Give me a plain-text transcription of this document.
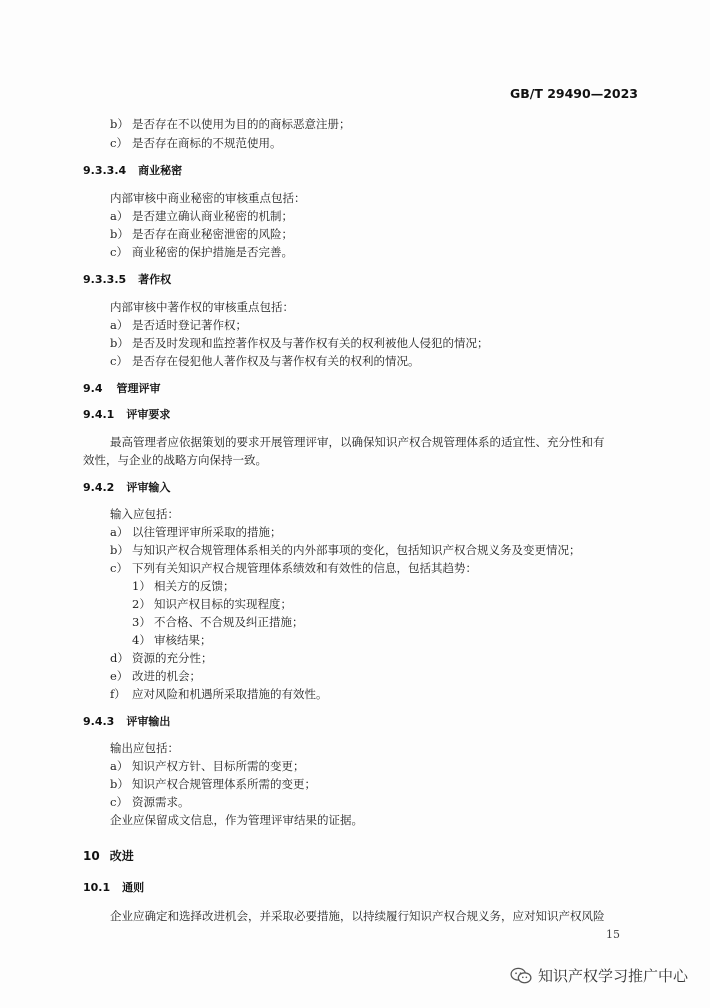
GB/T 29490—2023
b） 是否存在不以使用为目的的商标恶意注册；
c） 是否存在商标的不规范使用。
9.3.3.4 商业秘密
内部审核中商业秘密的审核重点包括：
a） 是否建立确认商业秘密的机制；
b） 是否存在商业秘密泄密的风险；
c） 商业秘密的保护措施是否完善。
9.3.3.5 著作权
内部审核中著作权的审核重点包括：
a） 是否适时登记著作权；
b） 是否及时发现和监控著作权及与著作权有关的权利被他人侵犯的情况；
c） 是否存在侵犯他人著作权及与著作权有关的权利的情况。
9.4 管理评审
9.4.1 评审要求
最高管理者应依据策划的要求开展管理评审，以确保知识产权合规管理体系的适宜性、充分性和有
效性，与企业的战略方向保持一致。
9.4.2 评审输入
输入应包括：
a） 以往管理评审所采取的措施；
b） 与知识产权合规管理体系相关的内外部事项的变化，包括知识产权合规义务及变更情况；
c） 下列有关知识产权合规管理体系绩效和有效性的信息，包括其趋势：
1） 相关方的反馈；
2） 知识产权目标的实现程度；
3） 不合格、不合规及纠正措施；
4） 审核结果；
d） 资源的充分性；
e） 改进的机会；
f） 应对风险和机遇所采取措施的有效性。
9.4.3 评审输出
输出应包括：
a） 知识产权方针、目标所需的变更；
b） 知识产权合规管理体系所需的变更；
c） 资源需求。
企业应保留成文信息，作为管理评审结果的证据。
10 改进
10.1 通则
企业应确定和选择改进机会，并采取必要措施，以持续履行知识产权合规义务，应对知识产权风险
15
知识产权学习推广中心
